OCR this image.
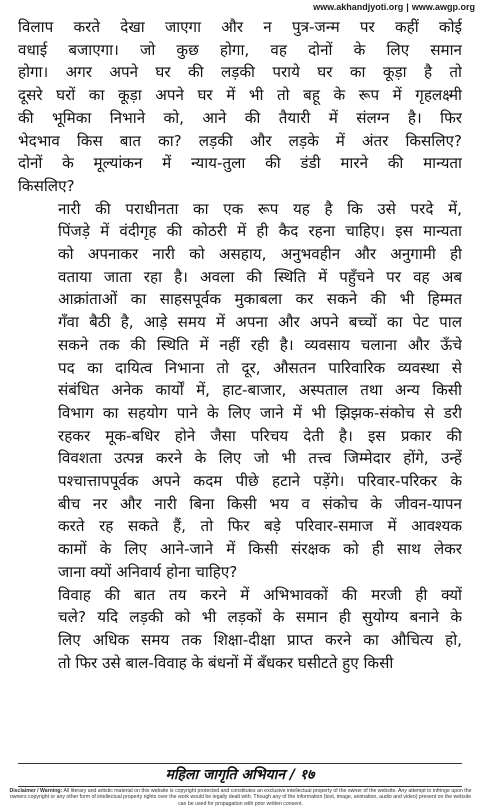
www.akhandjyoti.org | www.awgp.org

विलाप करते देखा जाएगा और न पुत्र-जन्म पर कहीं कोई
वधाई बजाएगा। जो कुछ होगा, वह दोनों के लिए समान
होगा। अगर अपने घर की लड़की पराये घर का कूड़ा है तो
दूसरे घरों का कूड़ा अपने घर में भी तो बहू के रूप में गृहलक्ष्मी
की भूमिका निभाने को, आने की तैयारी में संलग्न है। फिर
भेदभाव किस बात का? लड़की और लड़के में अंतर किसलिए?
दोनों के मूल्यांकन में न्याय-तुला की डंडी मारने की मान्यता
किसलिए?

नारी की पराधीनता का एक रूप यह है कि उसे परदे में,
पिंजड़े में वंदीगृह की कोठरी में ही कैद रहना चाहिए। इस मान्यता
को अपनाकर नारी को असहाय, अनुभवहीन और अनुगामी ही
वताया जाता रहा है। अवला की स्थिति में पहुँचने पर वह अब
आक्रांताओं का साहसपूर्वक मुकाबला कर सकने की भी हिम्मत
गँवा बैठी है, आड़े समय में अपना और अपने बच्चों का पेट पाल
सकने तक की स्थिति में नहीं रही है। व्यवसाय चलाना और ऊँचे
पद का दायित्व निभाना तो दूर, औसतन पारिवारिक व्यवस्था से
संबंधित अनेक कार्यों में, हाट-बाजार, अस्पताल तथा अन्य किसी
विभाग का सहयोग पाने के लिए जाने में भी झिझक-संकोच से डरी
रहकर मूक-बधिर होने जैसा परिचय देती है। इस प्रकार की
विवशता उत्पन्न करने के लिए जो भी तत्त्व जिम्मेदार होंगे, उन्हें
पश्चात्तापपूर्वक अपने कदम पीछे हटाने पड़ेंगे। परिवार-परिकर के
बीच नर और नारी बिना किसी भय व संकोच के जीवन-यापन
करते रह सकते हैं, तो फिर बड़े परिवार-समाज में आवश्यक
कामों के लिए आने-जाने में किसी संरक्षक को ही साथ लेकर
जाना क्यों अनिवार्य होना चाहिए?

विवाह की बात तय करने में अभिभावकों की मरजी ही क्यों
चले? यदि लड़की को भी लड़कों के समान ही सुयोग्य बनाने के
लिए अधिक समय तक शिक्षा-दीक्षा प्राप्त करने का औचित्य हो,
तो फिर उसे बाल-विवाह के बंधनों में बँधकर घसीटते हुए किसी

महिला जागृति अभियान / १७
Disclaimer / Warning: All literary and artistic material on this website is copyright protected and constitutes an exclusive intellectual property of the owner of the website. Any attempt to infringe upon the owners copyright or any other form of intellectual property rights over the work would be legally dealt with. Though any of the information (text, image, animation, audio and video) present on the website can be used for propagation with prior written consent.
